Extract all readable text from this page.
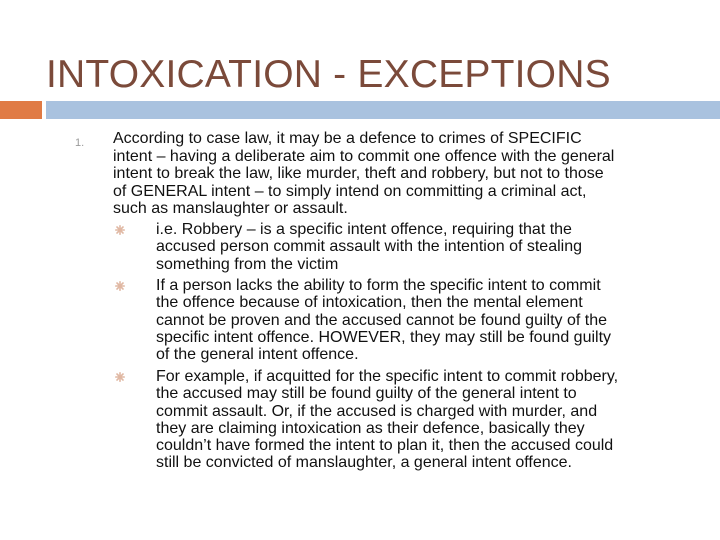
INTOXICATION - EXCEPTIONS
1. According to case law, it may be a defence to crimes of SPECIFIC
intent – having a deliberate aim to commit one offence with the general
intent to break the law, like murder, theft and robbery, but not to those
of GENERAL intent – to simply intend on committing a criminal act,
such as manslaughter or assault.

i.e. Robbery – is a specific intent offence, requiring that the
accused person commit assault with the intention of stealing
something from the victim

If a person lacks the ability to form the specific intent to commit
the offence because of intoxication, then the mental element
cannot be proven and the accused cannot be found guilty of the
specific intent offence. HOWEVER, they may still be found guilty
of the general intent offence.

For example, if acquitted for the specific intent to commit robbery,
the accused may still be found guilty of the general intent to
commit assault. Or, if the accused is charged with murder, and
they are claiming intoxication as their defence, basically they
couldn’t have formed the intent to plan it, then the accused could
still be convicted of manslaughter, a general intent offence.
